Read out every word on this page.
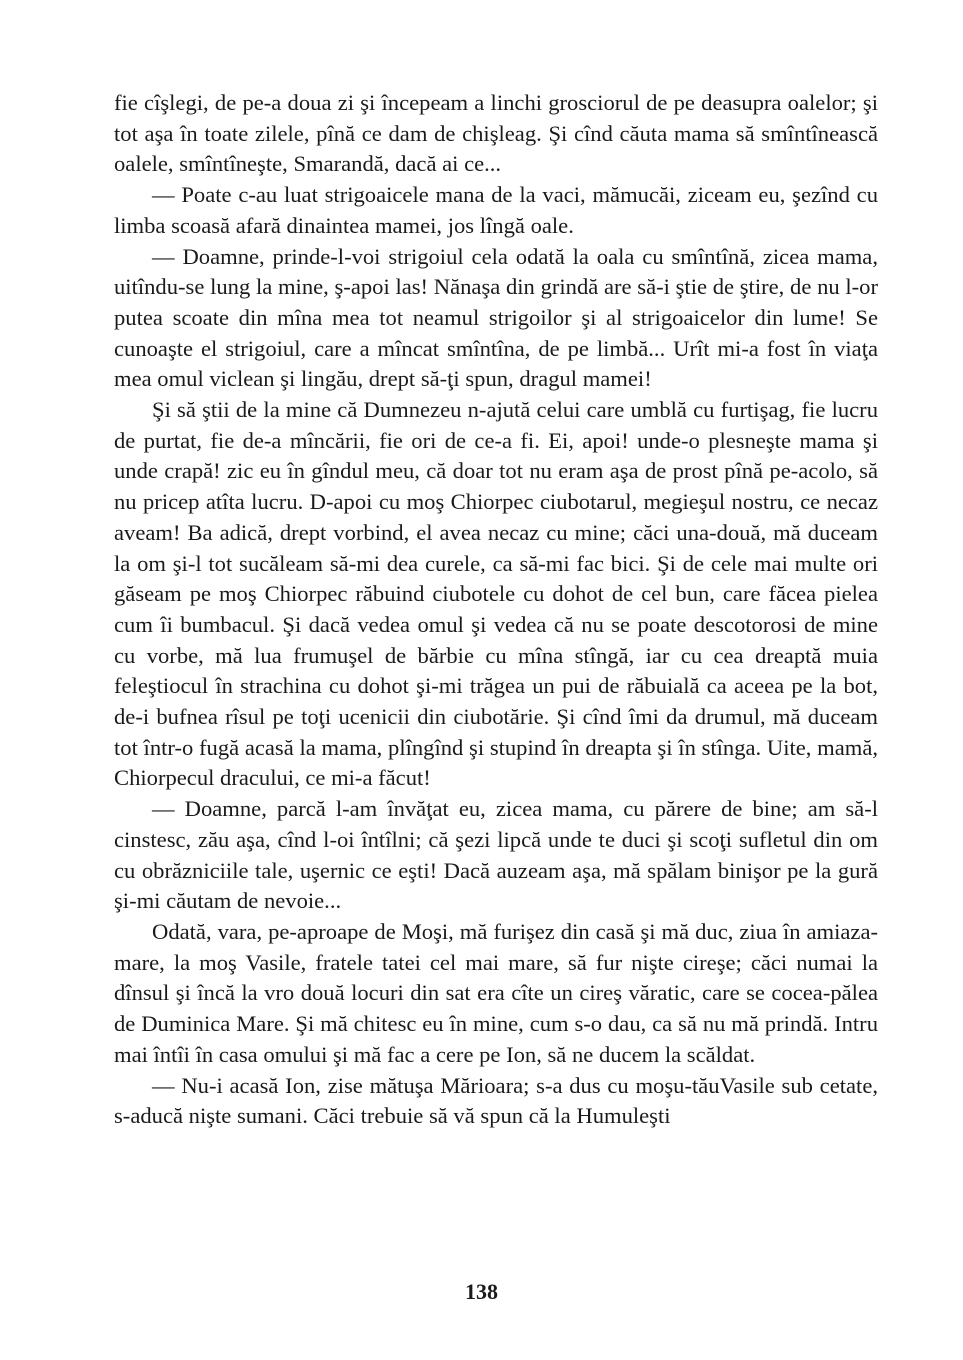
fie cîşlegi, de pe-a doua zi şi începeam a linchi grosciorul de pe deasupra oalelor; şi tot aşa în toate zilele, pînă ce dam de chişleag. Şi cînd căuta mama să smîntînească oalele, smîntîneşte, Smarandă, dacă ai ce...

— Poate c-au luat strigoaicele mana de la vaci, mămucăi, ziceam eu, şezînd cu limba scoasă afară dinaintea mamei, jos lîngă oale.

— Doamne, prinde-l-voi strigoiul cela odată la oala cu smîntînă, zicea mama, uitîndu-se lung la mine, ş-apoi las! Nănaşa din grindă are să-i ştie de ştire, de nu l-or putea scoate din mîna mea tot neamul strigoilor şi al strigoaicelor din lume! Se cunoaşte el strigoiul, care a mîncat smîntîna, de pe limbă... Urît mi-a fost în viaţa mea omul viclean şi lingău, drept să-ţi spun, dragul mamei!

Şi să ştii de la mine că Dumnezeu n-ajută celui care umblă cu furtişag, fie lucru de purtat, fie de-a mîncării, fie ori de ce-a fi. Ei, apoi! unde-o plesneşte mama şi unde crapă! zic eu în gîndul meu, că doar tot nu eram aşa de prost pînă pe-acolo, să nu pricep atîta lucru. D-apoi cu moş Chiorpec ciubotarul, megieşul nostru, ce necaz aveam! Ba adică, drept vorbind, el avea necaz cu mine; căci una-două, mă duceam la om şi-l tot sucăleam să-mi dea curele, ca să-mi fac bici. Şi de cele mai multe ori găseam pe moş Chiorpec răbuind ciubotele cu dohot de cel bun, care făcea pielea cum îi bumbacul. Şi dacă vedea omul şi vedea că nu se poate descotorosi de mine cu vorbe, mă lua frumuşel de bărbie cu mîna stîngă, iar cu cea dreaptă muia feleştiocul în strachina cu dohot şi-mi trăgea un pui de răbuială ca aceea pe la bot, de-i bufnea rîsul pe toţi ucenicii din ciubotărie. Şi cînd îmi da drumul, mă duceam tot într-o fugă acasă la mama, plîngînd şi stupind în dreapta şi în stînga. Uite, mamă, Chiorpecul dracului, ce mi-a făcut!

— Doamne, parcă l-am învăţat eu, zicea mama, cu părere de bine; am să-l cinstesc, zău aşa, cînd l-oi întîlni; că şezi lipcă unde te duci şi scoţi sufletul din om cu obrăzniciile tale, uşernic ce eşti! Dacă auzeam aşa, mă spălam binişor pe la gură şi-mi căutam de nevoie...

Odată, vara, pe-aproape de Moşi, mă furişez din casă şi mă duc, ziua în amiaza-mare, la moş Vasile, fratele tatei cel mai mare, să fur nişte cireşe; căci numai la dînsul şi încă la vro două locuri din sat era cîte un cireş văratic, care se cocea-pălea de Duminica Mare. Şi mă chitesc eu în mine, cum s-o dau, ca să nu mă prindă. Intru mai întîi în casa omului şi mă fac a cere pe Ion, să ne ducem la scăldat.

— Nu-i acasă Ion, zise mătuşa Mărioara; s-a dus cu moşu-tăuVasile sub cetate, s-aducă nişte sumani. Căci trebuie să vă spun că la Humuleşti

138
